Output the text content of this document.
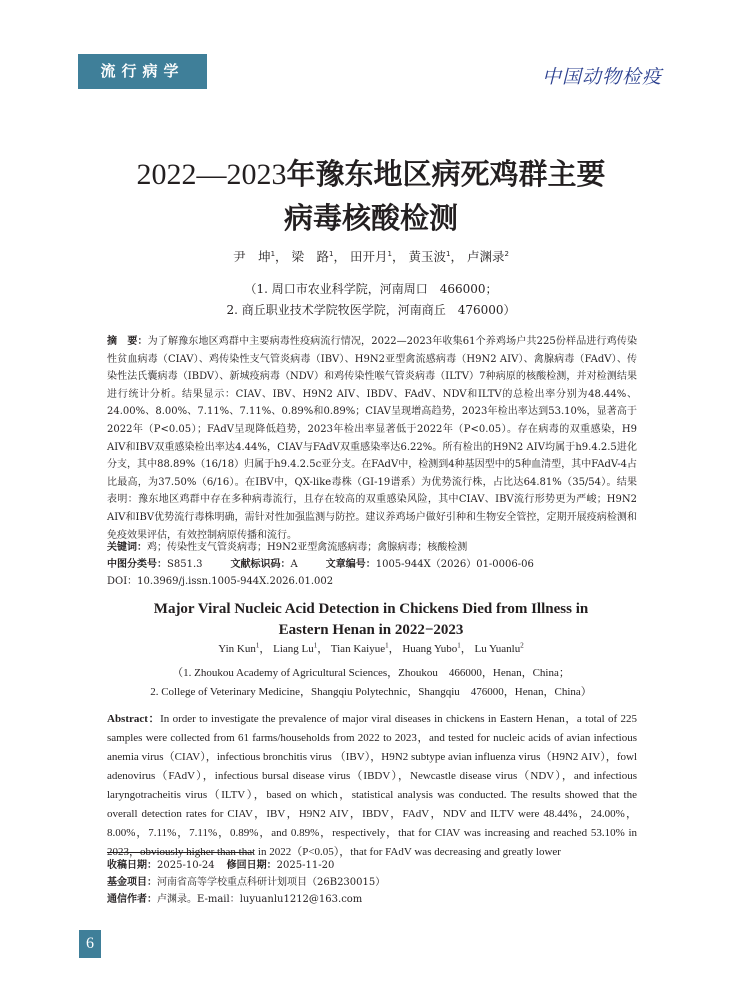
流行病学	中国动物检疫
2022—2023年豫东地区病死鸡群主要
病毒核酸检测
尹　坤$^1$， 梁　路$^1$， 田开月$^1$， 黄玉波$^1$， 卢渊录$^2$
（1. 周口市农业科学院，河南周口　466000；
2. 商丘职业技术学院牧医学院，河南商丘　476000）
摘　要：为了解豫东地区鸡群中主要病毒性疫病流行情况，2022—2023年收集61个养鸡场户共225份样品进行鸡传染性贫血病毒（CIAV）、鸡传染性支气管炎病毒（IBV）、H9N2亚型禽流感病毒（H9N2 AIV）、禽腺病毒（FAdV）、传染性法氏囊病毒（IBDV）、新城疫病毒（NDV）和鸡传染性喉气管炎病毒（ILTV）7种病原的核酸检测，并对检测结果进行统计分析。结果显示：CIAV、IBV、H9N2 AIV、IBDV、FAdV、NDV和ILTV的总检出率分别为48.44%、24.00%、8.00%、7.11%、7.11%、0.89%和0.89%；CIAV呈现增高趋势，2023年检出率达到53.10%，显著高于2022年（P<0.05）；FAdV呈现降低趋势，2023年检出率显著低于2022年（P<0.05）。存在病毒的双重感染，H9 AIV和IBV双重感染检出率达4.44%，CIAV与FAdV双重感染率达6.22%。所有检出的H9N2 AIV均属于h9.4.2.5进化分支，其中88.89%（16/18）归属于h9.4.2.5c亚分支。在FAdV中，检测到4种基因型中的5种血清型，其中FAdV-4占比最高，为37.50%（6/16）。在IBV中，QX-like毒株（GI-19谱系）为优势流行株，占比达64.81%（35/54）。结果表明：豫东地区鸡群中存在多种病毒流行，且存在较高的双重感染风险，其中CIAV、IBV流行形势更为严峻；H9N2 AIV和IBV优势流行毒株明确，需针对性加强监测与防控。建议养鸡场户做好引种和生物安全管控，定期开展疫病检测和免疫效果评估，有效控制病原传播和流行。
关键词：鸡；传染性支气管炎病毒；H9N2亚型禽流感病毒；禽腺病毒；核酸检测
中图分类号：S851.3	文献标识码：A	文章编号：1005-944X（2026）01-0006-06
DOI：10.3969/j.issn.1005-944X.2026.01.002
Major Viral Nucleic Acid Detection in Chickens Died from Illness in
Eastern Henan in 2022−2023
Yin Kun$^1$， Liang Lu$^1$， Tian Kaiyue$^1$， Huang Yubo$^1$， Lu Yuanlu$^2$
（1. Zhoukou Academy of Agricultural Sciences，Zhoukou　466000，Henan，China；
2. College of Veterinary Medicine，Shangqiu Polytechnic，Shangqiu　476000，Henan，China）
Abstract：In order to investigate the prevalence of major viral diseases in chickens in Eastern Henan，a total of 225 samples were collected from 61 farms/households from 2022 to 2023，and tested for nucleic acids of avian infectious anemia virus（CIAV），infectious bronchitis virus （IBV），H9N2 subtype avian influenza virus（H9N2 AIV），fowl adenovirus（FAdV），infectious bursal disease virus（IBDV），Newcastle disease virus（NDV），and infectious laryngotracheitis virus（ILTV），based on which，statistical analysis was conducted. The results showed that the overall detection rates for CIAV，IBV，H9N2 AIV，IBDV，FAdV，NDV and ILTV were 48.44%，24.00%，8.00%，7.11%，7.11%，0.89%，and 0.89%，respectively，that for CIAV was increasing and reached 53.10% in 2023，obviously higher than that in 2022（P<0.05），that for FAdV was decreasing and greatly lower
收稿日期：2025-10-24 修回日期：2025-11-20
基金项目：河南省高等学校重点科研计划项目（26B230015）
通信作者：卢渊录。E-mail：luyuanlu1212@163.com
6
